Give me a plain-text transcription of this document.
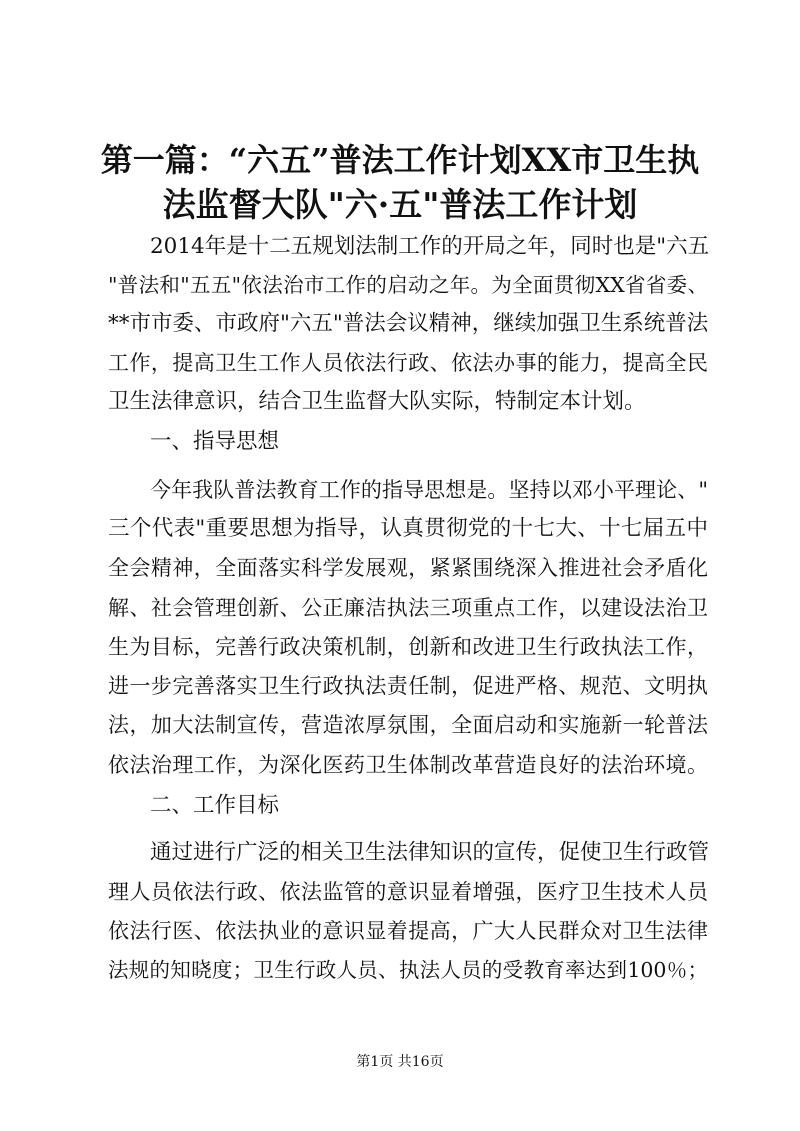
第一篇：“六五”普法工作计划XX市卫生执
法监督大队"六·五"普法工作计划
2014年是十二五规划法制工作的开局之年，同时也是"六五
"普法和"五五"依法治市工作的启动之年。为全面贯彻XX省省委、
**市市委、市政府"六五"普法会议精神，继续加强卫生系统普法
工作，提高卫生工作人员依法行政、依法办事的能力，提高全民
卫生法律意识，结合卫生监督大队实际，特制定本计划。
一、指导思想
今年我队普法教育工作的指导思想是。坚持以邓小平理论、"
三个代表"重要思想为指导，认真贯彻党的十七大、十七届五中
全会精神，全面落实科学发展观，紧紧围绕深入推进社会矛盾化
解、社会管理创新、公正廉洁执法三项重点工作，以建设法治卫
生为目标，完善行政决策机制，创新和改进卫生行政执法工作，
进一步完善落实卫生行政执法责任制，促进严格、规范、文明执
法，加大法制宣传，营造浓厚氛围，全面启动和实施新一轮普法
依法治理工作，为深化医药卫生体制改革营造良好的法治环境。
二、工作目标
通过进行广泛的相关卫生法律知识的宣传，促使卫生行政管
理人员依法行政、依法监管的意识显着增强，医疗卫生技术人员
依法行医、依法执业的意识显着提高，广大人民群众对卫生法律
法规的知晓度；卫生行政人员、执法人员的受教育率达到100％；
第1页 共16页
